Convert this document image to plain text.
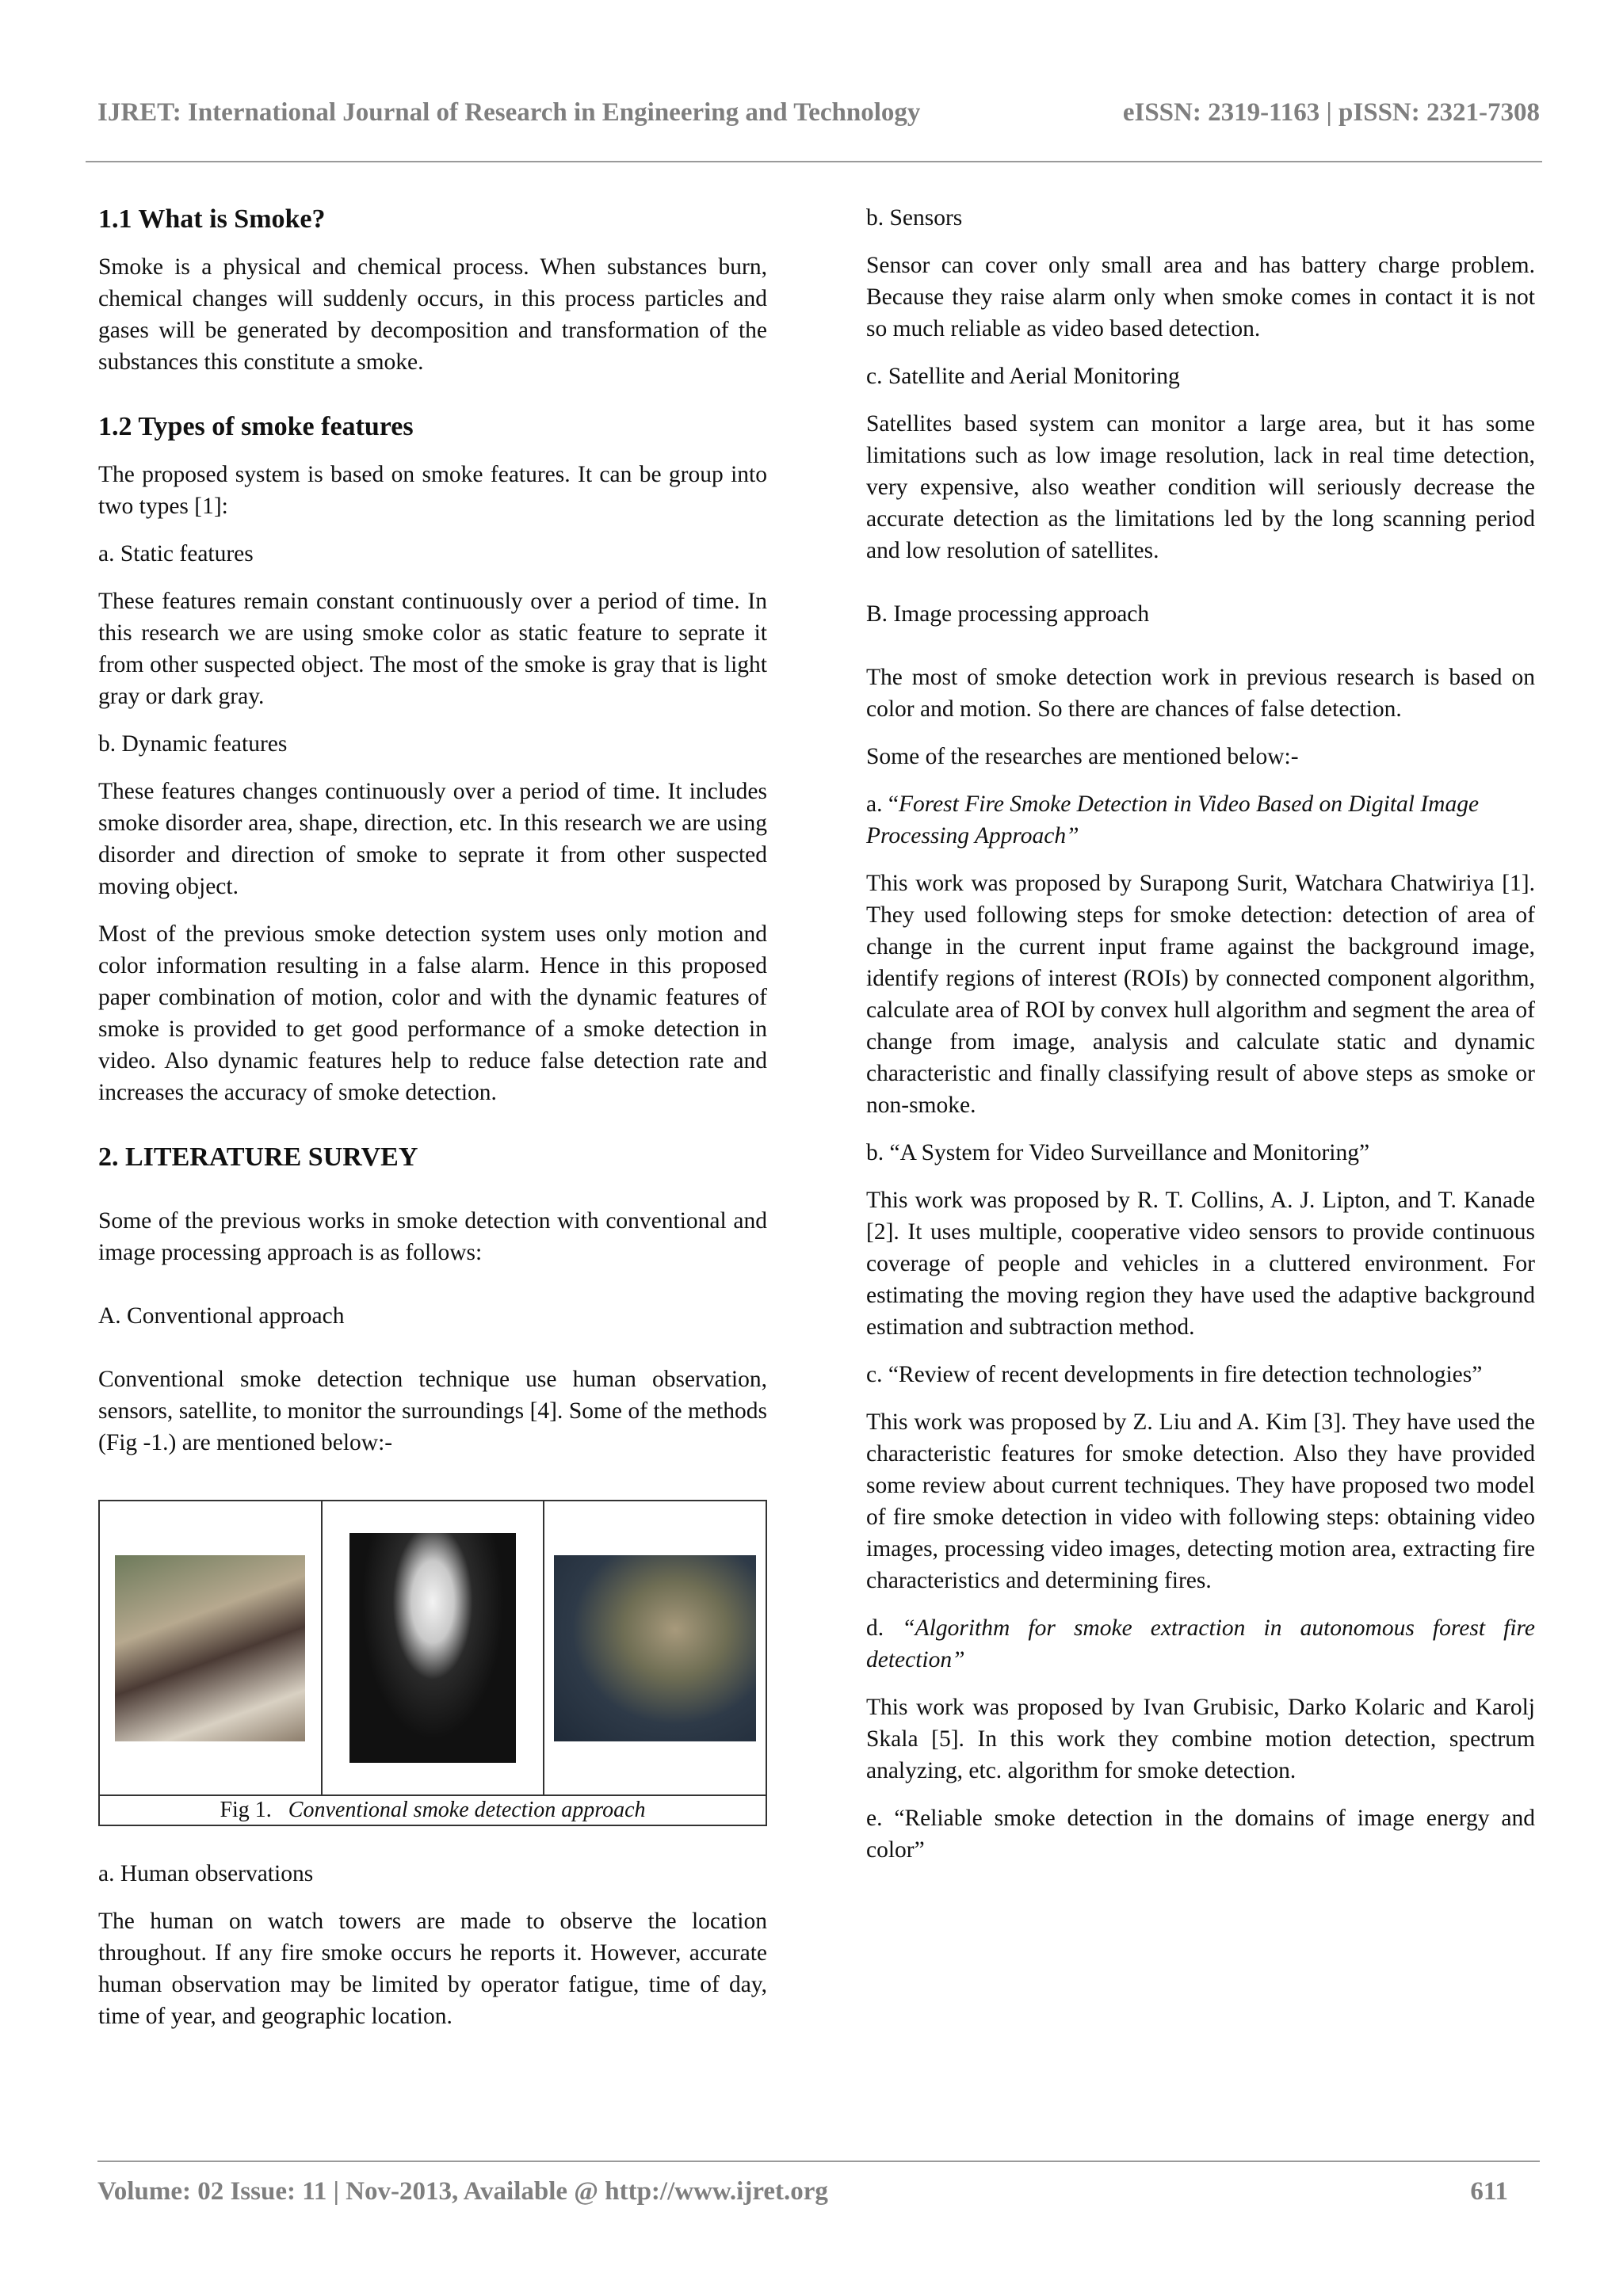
IJRET: International Journal of Research in Engineering and Technology	eISSN: 2319-1163 | pISSN: 2321-7308
1.1 What is Smoke?

Smoke is a physical and chemical process. When substances burn, chemical changes will suddenly occurs, in this process particles and gases will be generated by decomposition and transformation of the substances this constitute a smoke.

1.2 Types of smoke features

The proposed system is based on smoke features. It can be group into two types [1]:

a. Static features

These features remain constant continuously over a period of time. In this research we are using smoke color as static feature to seprate it from other suspected object. The most of the smoke is gray that is light gray or dark gray.

b. Dynamic features

These features changes continuously over a period of time. It includes smoke disorder area, shape, direction, etc. In this research we are using disorder and direction of smoke to seprate it from other suspected moving object.

Most of the previous smoke detection system uses only motion and color information resulting in a false alarm. Hence in this proposed paper combination of motion, color and with the dynamic features of smoke is provided to get good performance of a smoke detection in video. Also dynamic features help to reduce false detection rate and increases the accuracy of smoke detection.

2. LITERATURE SURVEY

Some of the previous works in smoke detection with conventional and image processing approach is as follows:

A. Conventional approach

Conventional smoke detection technique use human observation, sensors, satellite, to monitor the surroundings [4]. Some of the methods (Fig -1.) are mentioned below:-

Fig 1. Conventional smoke detection approach

a. Human observations

The human on watch towers are made to observe the location throughout. If any fire smoke occurs he reports it. However, accurate human observation may be limited by operator fatigue, time of day, time of year, and geographic location.

b. Sensors

Sensor can cover only small area and has battery charge problem. Because they raise alarm only when smoke comes in contact it is not so much reliable as video based detection.

c. Satellite and Aerial Monitoring

Satellites based system can monitor a large area, but it has some limitations such as low image resolution, lack in real time detection, very expensive, also weather condition will seriously decrease the accurate detection as the limitations led by the long scanning period and low resolution of satellites.

B. Image processing approach

The most of smoke detection work in previous research is based on color and motion. So there are chances of false detection.

Some of the researches are mentioned below:-

a. “Forest Fire Smoke Detection in Video Based on Digital Image Processing Approach”

This work was proposed by Surapong Surit, Watchara Chatwiriya [1]. They used following steps for smoke detection: detection of area of change in the current input frame against the background image, identify regions of interest (ROIs) by connected component algorithm, calculate area of ROI by convex hull algorithm and segment the area of change from image, analysis and calculate static and dynamic characteristic and finally classifying result of above steps as smoke or non-smoke.

b. “A System for Video Surveillance and Monitoring”

This work was proposed by R. T. Collins, A. J. Lipton, and T. Kanade [2]. It uses multiple, cooperative video sensors to provide continuous coverage of people and vehicles in a cluttered environment. For estimating the moving region they have used the adaptive background estimation and subtraction method.

c. “Review of recent developments in fire detection technologies”

This work was proposed by Z. Liu and A. Kim [3]. They have used the characteristic features for smoke detection. Also they have provided some review about current techniques. They have proposed two model of fire smoke detection in video with following steps: obtaining video images, processing video images, detecting motion area, extracting fire characteristics and determining fires.

d. “Algorithm for smoke extraction in autonomous forest fire detection”

This work was proposed by Ivan Grubisic, Darko Kolaric and Karolj Skala [5]. In this work they combine motion detection, spectrum analyzing, etc. algorithm for smoke detection.

e. “Reliable smoke detection in the domains of image energy and color”

Volume: 02 Issue: 11 | Nov-2013, Available @ http://www.ijret.org	611
